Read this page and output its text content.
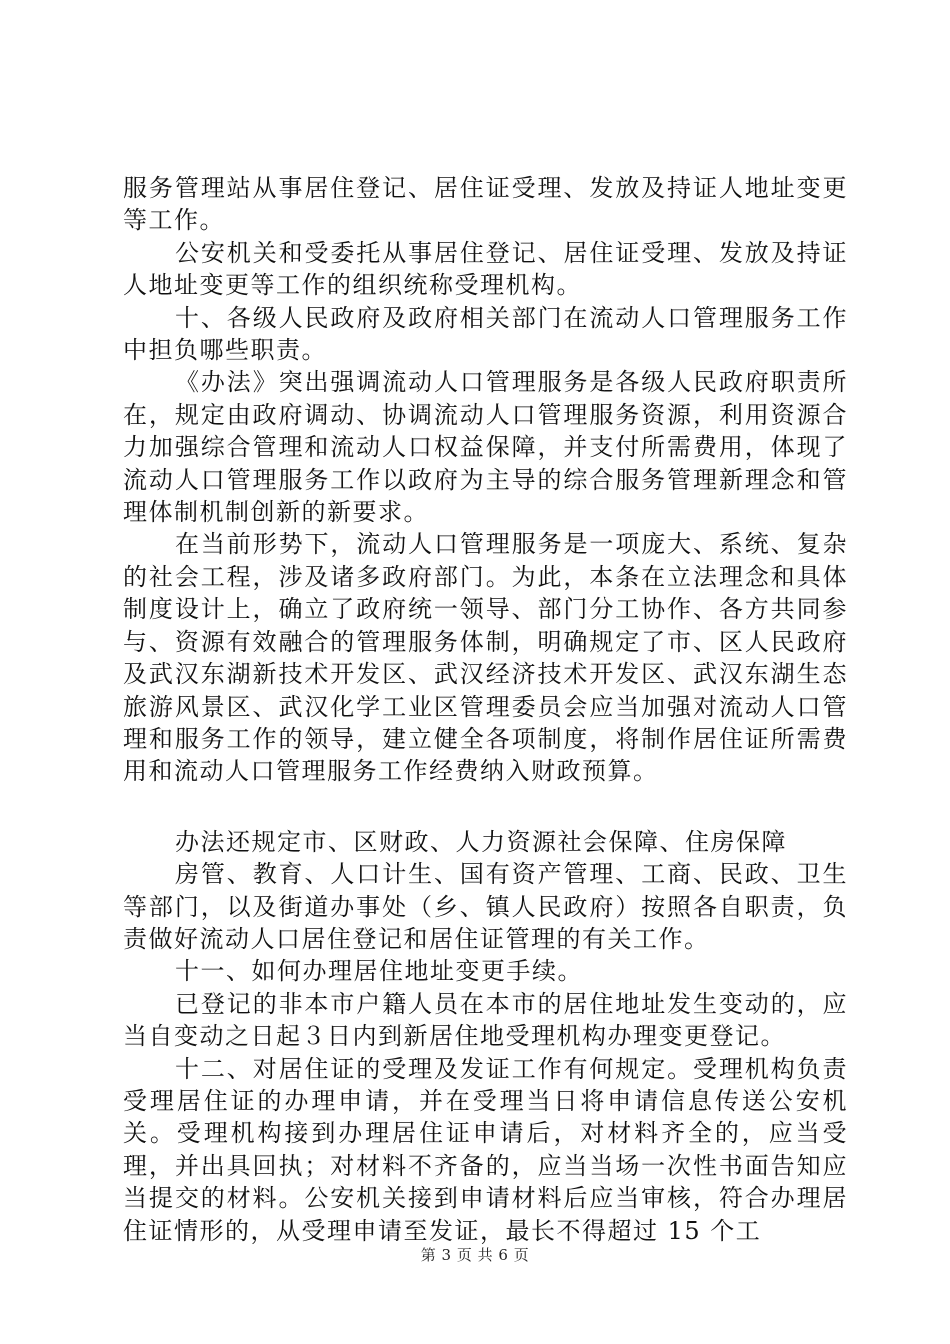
服务管理站从事居住登记、居住证受理、发放及持证人地址变更等工作。

公安机关和受委托从事居住登记、居住证受理、发放及持证人地址变更等工作的组织统称受理机构。

十、各级人民政府及政府相关部门在流动人口管理服务工作中担负哪些职责。

《办法》突出强调流动人口管理服务是各级人民政府职责所在，规定由政府调动、协调流动人口管理服务资源，利用资源合力加强综合管理和流动人口权益保障，并支付所需费用，体现了流动人口管理服务工作以政府为主导的综合服务管理新理念和管理体制机制创新的新要求。

在当前形势下，流动人口管理服务是一项庞大、系统、复杂的社会工程，涉及诸多政府部门。为此，本条在立法理念和具体制度设计上，确立了政府统一领导、部门分工协作、各方共同参与、资源有效融合的管理服务体制，明确规定了市、区人民政府及武汉东湖新技术开发区、武汉经济技术开发区、武汉东湖生态旅游风景区、武汉化学工业区管理委员会应当加强对流动人口管理和服务工作的领导，建立健全各项制度，将制作居住证所需费用和流动人口管理服务工作经费纳入财政预算。

办法还规定市、区财政、人力资源社会保障、住房保障

房管、教育、人口计生、国有资产管理、工商、民政、卫生等部门，以及街道办事处（乡、镇人民政府）按照各自职责，负责做好流动人口居住登记和居住证管理的有关工作。

十一、如何办理居住地址变更手续。

已登记的非本市户籍人员在本市的居住地址发生变动的，应当自变动之日起３日内到新居住地受理机构办理变更登记。

十二、对居住证的受理及发证工作有何规定。受理机构负责受理居住证的办理申请，并在受理当日将申请信息传送公安机关。受理机构接到办理居住证申请后，对材料齐全的，应当受理，并出具回执；对材料不齐备的，应当当场一次性书面告知应当提交的材料。公安机关接到申请材料后应当审核，符合办理居住证情形的，从受理申请至发证，最长不得超过 15 个工

第 3 页 共 6 页
